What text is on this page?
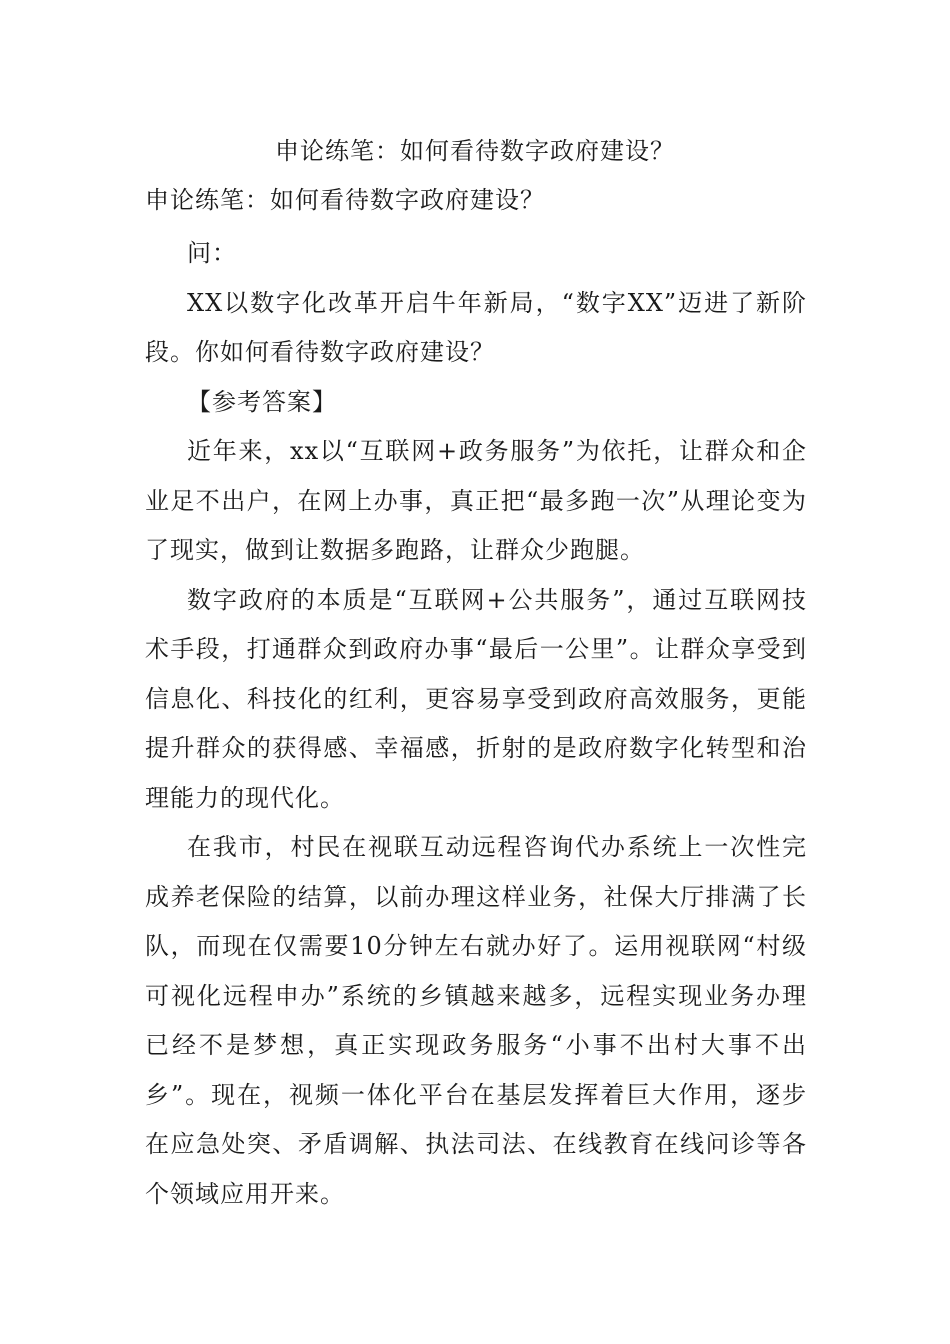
申论练笔：如何看待数字政府建设？
申论练笔：如何看待数字政府建设？

问：

XX以数字化改革开启牛年新局，“数字XX”迈进了新阶段。你如何看待数字政府建设？

【参考答案】

近年来，xx以“互联网+政务服务”为依托，让群众和企业足不出户，在网上办事，真正把“最多跑一次”从理论变为了现实，做到让数据多跑路，让群众少跑腿。

数字政府的本质是“互联网+公共服务”，通过互联网技术手段，打通群众到政府办事“最后一公里”。让群众享受到信息化、科技化的红利，更容易享受到政府高效服务，更能提升群众的获得感、幸福感，折射的是政府数字化转型和治理能力的现代化。

在我市，村民在视联互动远程咨询代办系统上一次性完成养老保险的结算，以前办理这样业务，社保大厅排满了长队，而现在仅需要10分钟左右就办好了。运用视联网“村级可视化远程申办”系统的乡镇越来越多，远程实现业务办理已经不是梦想，真正实现政务服务“小事不出村大事不出乡”。现在，视频一体化平台在基层发挥着巨大作用，逐步在应急处突、矛盾调解、执法司法、在线教育在线问诊等各个领域应用开来。
